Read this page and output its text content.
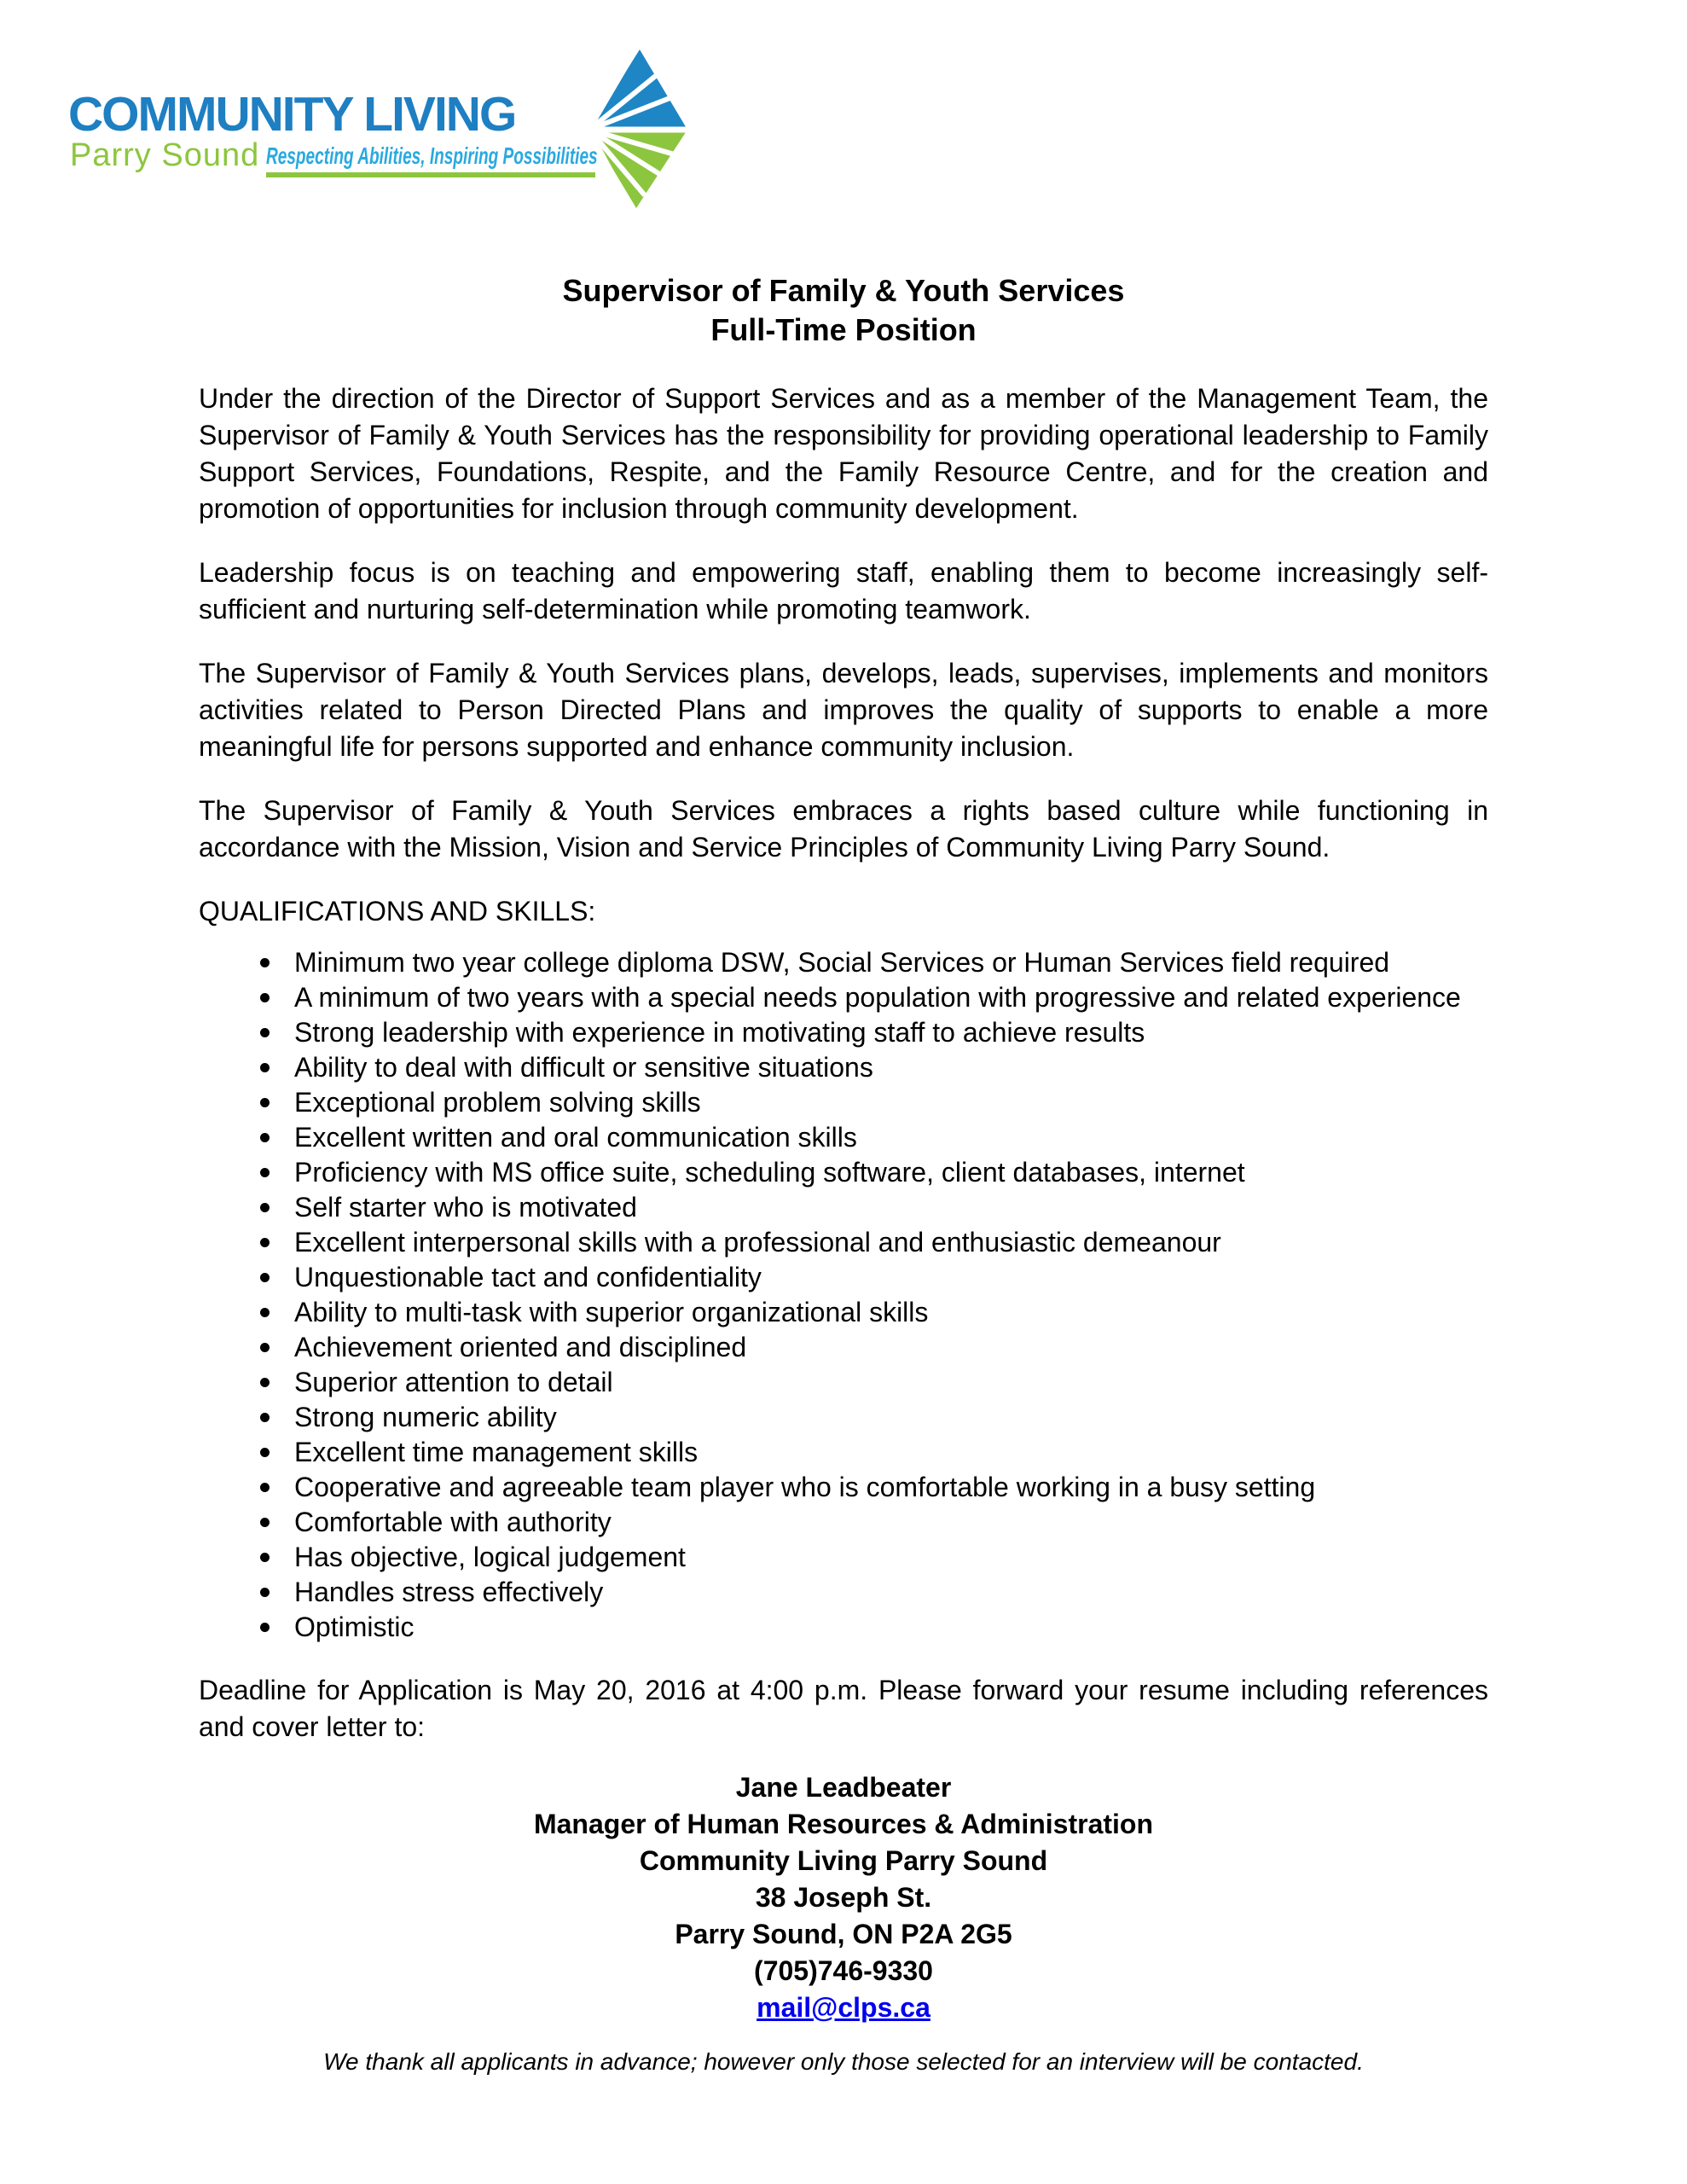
COMMUNITY LIVING
Parry Sound Respecting Abilities, Inspiring Possibilities
Supervisor of Family & Youth Services
Full-Time Position

Under the direction of the Director of Support Services and as a member of the Management Team, the Supervisor of Family & Youth Services has the responsibility for providing operational leadership to Family Support Services, Foundations, Respite, and the Family Resource Centre, and for the creation and promotion of opportunities for inclusion through community development.

Leadership focus is on teaching and empowering staff, enabling them to become increasingly self-sufficient and nurturing self-determination while promoting teamwork.

The Supervisor of Family & Youth Services plans, develops, leads, supervises, implements and monitors activities related to Person Directed Plans and improves the quality of supports to enable a more meaningful life for persons supported and enhance community inclusion.

The Supervisor of Family & Youth Services embraces a rights based culture while functioning in accordance with the Mission, Vision and Service Principles of Community Living Parry Sound.

QUALIFICATIONS AND SKILLS:
Minimum two year college diploma DSW, Social Services or Human Services field required
A minimum of two years with a special needs population with progressive and related experience
Strong leadership with experience in motivating staff to achieve results
Ability to deal with difficult or sensitive situations
Exceptional problem solving skills
Excellent written and oral communication skills
Proficiency with MS office suite, scheduling software, client databases, internet
Self starter who is motivated
Excellent interpersonal skills with a professional and enthusiastic demeanour
Unquestionable tact and confidentiality
Ability to multi-task with superior organizational skills
Achievement oriented and disciplined
Superior attention to detail
Strong numeric ability
Excellent time management skills
Cooperative and agreeable team player who is comfortable working in a busy setting
Comfortable with authority
Has objective, logical judgement
Handles stress effectively
Optimistic

Deadline for Application is May 20, 2016 at 4:00 p.m. Please forward your resume including references and cover letter to:

Jane Leadbeater
Manager of Human Resources & Administration
Community Living Parry Sound
38 Joseph St.
Parry Sound, ON P2A 2G5
(705)746-9330
mail@clps.ca
We thank all applicants in advance; however only those selected for an interview will be contacted.
